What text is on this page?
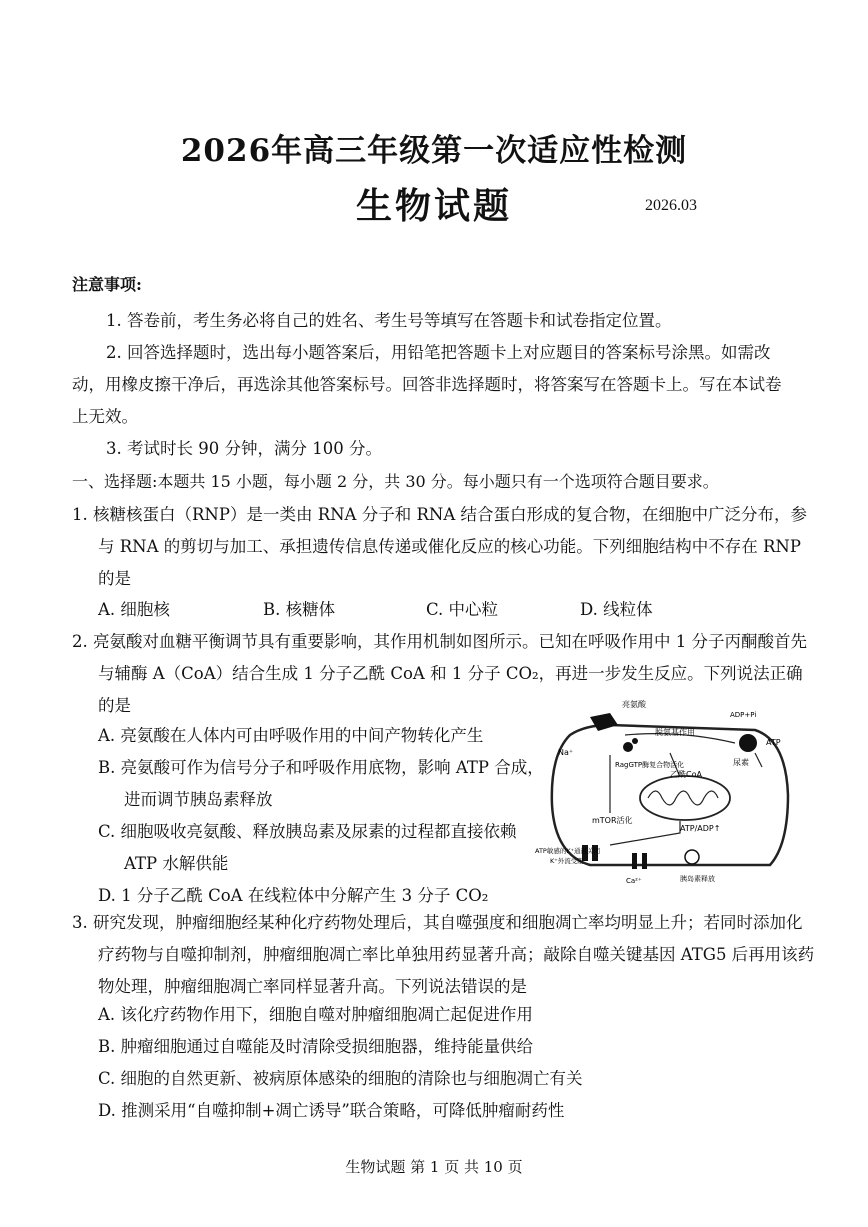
2026年高三年级第一次适应性检测
生物试题	2026.03
注意事项:
1. 答卷前，考生务必将自己的姓名、考生号等填写在答题卡和试卷指定位置。
2. 回答选择题时，选出每小题答案后，用铅笔把答题卡上对应题目的答案标号涂黑。如需改动，用橡皮擦干净后，再选涂其他答案标号。回答非选择题时，将答案写在答题卡上。写在本试卷上无效。
3. 考试时长 90 分钟，满分 100 分。
一、选择题:本题共 15 小题，每小题 2 分，共 30 分。每小题只有一个选项符合题目要求。
1. 核糖核蛋白（RNP）是一类由 RNA 分子和 RNA 结合蛋白形成的复合物，在细胞中广泛分布，参与 RNA 的剪切与加工、承担遗传信息传递或催化反应的核心功能。下列细胞结构中不存在 RNP 的是
A. 细胞核	B. 核糖体	C. 中心粒	D. 线粒体
2. 亮氨酸对血糖平衡调节具有重要影响，其作用机制如图所示。已知在呼吸作用中 1 分子丙酮酸首先与辅酶 A（CoA）结合生成 1 分子乙酰 CoA 和 1 分子 CO₂，再进一步发生反应。下列说法正确的是
A. 亮氨酸在人体内可由呼吸作用的中间产物转化产生
B. 亮氨酸可作为信号分子和呼吸作用底物，影响 ATP 合成，进而调节胰岛素释放
C. 细胞吸收亮氨酸、释放胰岛素及尿素的过程都直接依赖 ATP 水解供能
D. 1 分子乙酰 CoA 在线粒体中分解产生 3 分子 CO₂
亮氨酸
Na⁺
ADP+Pi
ATP
尿素
RagGTP酶复合物活化
脱氨基作用
乙酰CoA
mTOR活化
ATP/ADP↑
ATP敏感的K⁺通道关闭
K⁺外流受阻
Ca²⁺	胰岛素释放
3. 研究发现，肿瘤细胞经某种化疗药物处理后，其自噬强度和细胞凋亡率均明显上升；若同时添加化疗药物与自噬抑制剂，肿瘤细胞凋亡率比单独用药显著升高；敲除自噬关键基因 ATG5 后再用该药物处理，肿瘤细胞凋亡率同样显著升高。下列说法错误的是
A. 该化疗药物作用下，细胞自噬对肿瘤细胞凋亡起促进作用
B. 肿瘤细胞通过自噬能及时清除受损细胞器，维持能量供给
C. 细胞的自然更新、被病原体感染的细胞的清除也与细胞凋亡有关
D. 推测采用“自噬抑制+凋亡诱导”联合策略，可降低肿瘤耐药性
生物试题 第 1 页 共 10 页
